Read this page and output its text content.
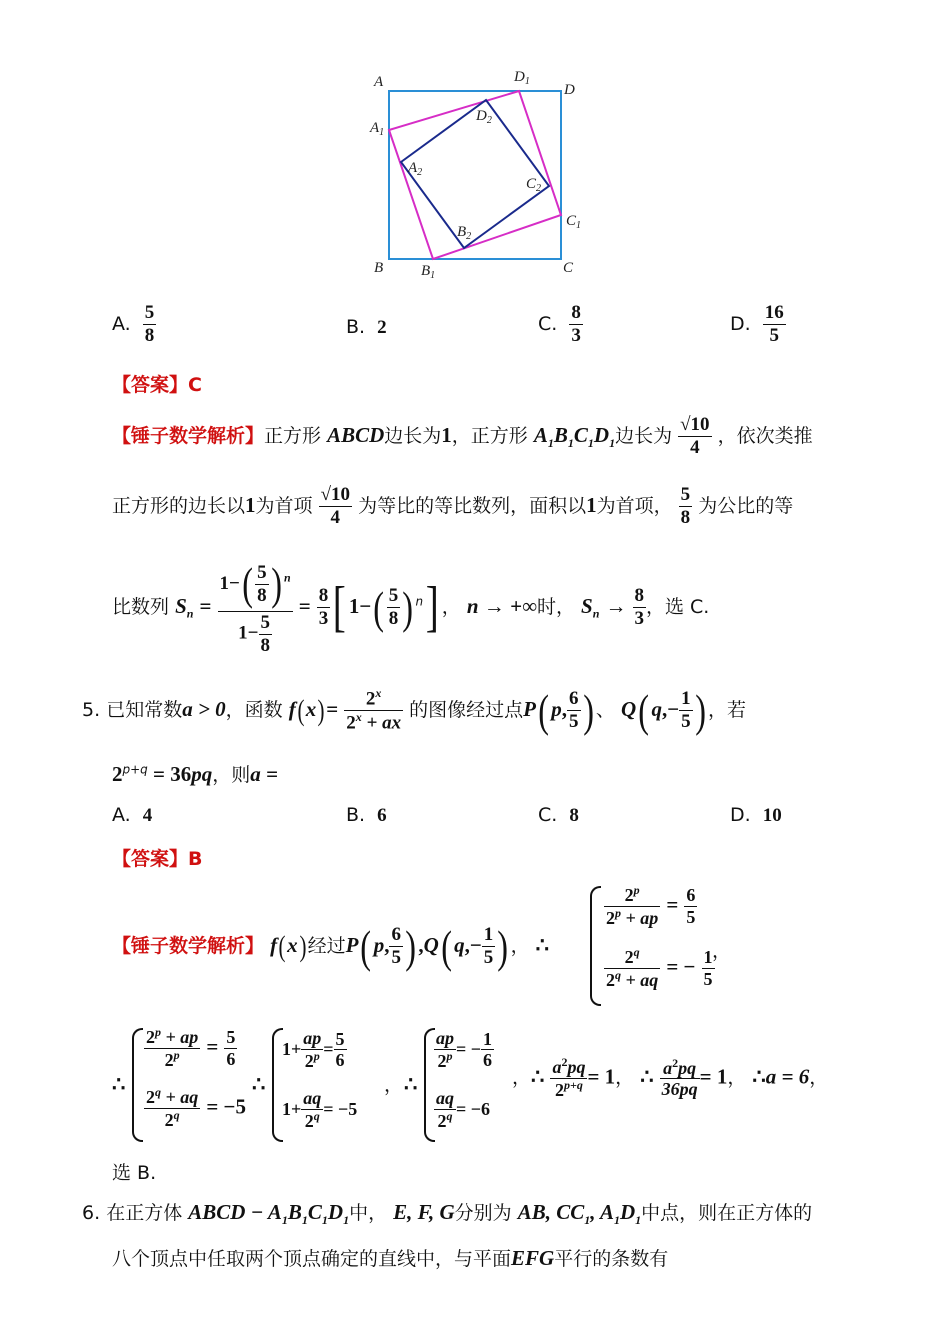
A	$D_1$
D
$A_1$
$D_2$
$A_2$
$C_2$
$C_1$
$B_2$
B	$B_1$	C
A. $\frac{5}{8}$	B. 2	C. $\frac{8}{3}$	D. $\frac{16}{5}$
【答案】C
【锤子数学解析】正方形 ABCD边长为1，正方形 $A_1B_1C_1D_1$边长为 $\frac{√10}{4}$ ，依次类推
正方形的边长以1为首项 $\frac{√10}{4}$ 为等比的等比数列，面积以1为首项， $\frac{5}{8}$ 为公比的等
比数列 $S_n = \frac{1-( \frac{5}{8} ) ^n}{1- \frac{5}{8}} = \frac{8}{3}$ [ $1-( \frac{5}{8}$ ) $^n$] ， n → +∞时， $S_n \to \frac{8}{3}$ ，选 C.
5. 已知常数a > 0，函数 $f(x)= \frac{2^x}{2^x + ax}$ 的图像经过点P( p, $\frac{6}{5}$ ) 、 Q( $q,- \frac{1}{5}$ ) ，若
$2^{p+q} = 36pq$，则a =
A. 4	B. 6	C. 8	D. 10
【答案】B
【锤子数学解析】 f(x)经过P( p, $\frac{6}{5}$ ) ,Q( $q,- \frac{1}{5}$ ) ， ∴
$\frac{2^p}{2^p + ap} = \frac{6}{5}$
$\frac{2^q}{2^q + aq}$ = − $\frac{1}{5}$
，
∴
$\frac{2^p + ap}{2^p} = \frac{5}{6}$
$\frac{2^q + aq}{2^q} = -5$
∴
$1+ \frac{ap}{2^p} = \frac{5}{6}$
$1+ \frac{aq}{2^q} = -5$
， ∴
$\frac{ap}{2^p}$ = − $\frac{1}{6}$
$\frac{aq}{2^q} = -6$
，∴ $\frac{a^2pq}{2^{p+q}} = 1$， ∴ $\frac{a^2pq}{36pq} = 1$， ∴a = 6，
选 B.
6. 在正方体 ABCD − $A_1B_1C_1D_1$中， E, F, G分别为 AB, $CC_1$, $A_1D_1$中点，则在正方体的
八个顶点中任取两个顶点确定的直线中，与平面EFG平行的条数有
